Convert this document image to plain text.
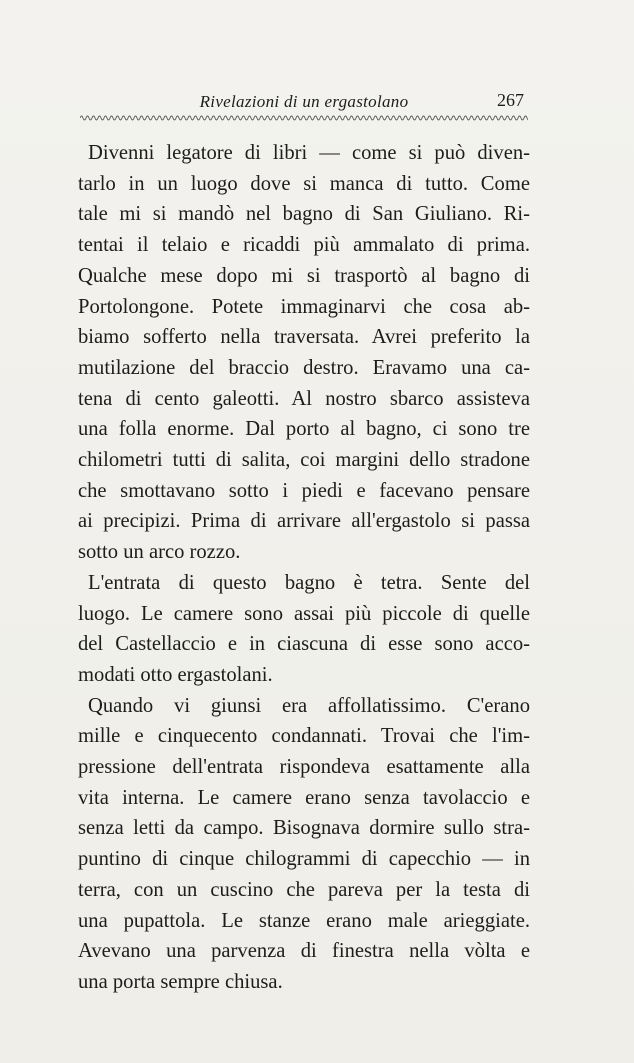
Rivelazioni di un ergastolano	267
Divenni legatore di libri — come si può diven-
tarlo in un luogo dove si manca di tutto. Come
tale mi si mandò nel bagno di San Giuliano. Ri-
tentai il telaio e ricaddi più ammalato di prima.
Qualche mese dopo mi si trasportò al bagno di
Portolongone. Potete immaginarvi che cosa ab-
biamo sofferto nella traversata. Avrei preferito la
mutilazione del braccio destro. Eravamo una ca-
tena di cento galeotti. Al nostro sbarco assisteva
una folla enorme. Dal porto al bagno, ci sono tre
chilometri tutti di salita, coi margini dello stradone
che smottavano sotto i piedi e facevano pensare
ai precipizi. Prima di arrivare all'ergastolo si passa
sotto un arco rozzo.
L'entrata di questo bagno è tetra. Sente del
luogo. Le camere sono assai più piccole di quelle
del Castellaccio e in ciascuna di esse sono acco-
modati otto ergastolani.
Quando vi giunsi era affollatissimo. C'erano
mille e cinquecento condannati. Trovai che l'im-
pressione dell'entrata rispondeva esattamente alla
vita interna. Le camere erano senza tavolaccio e
senza letti da campo. Bisognava dormire sullo stra-
puntino di cinque chilogrammi di capecchio — in
terra, con un cuscino che pareva per la testa di
una pupattola. Le stanze erano male arieggiate.
Avevano una parvenza di finestra nella vòlta e
una porta sempre chiusa.
